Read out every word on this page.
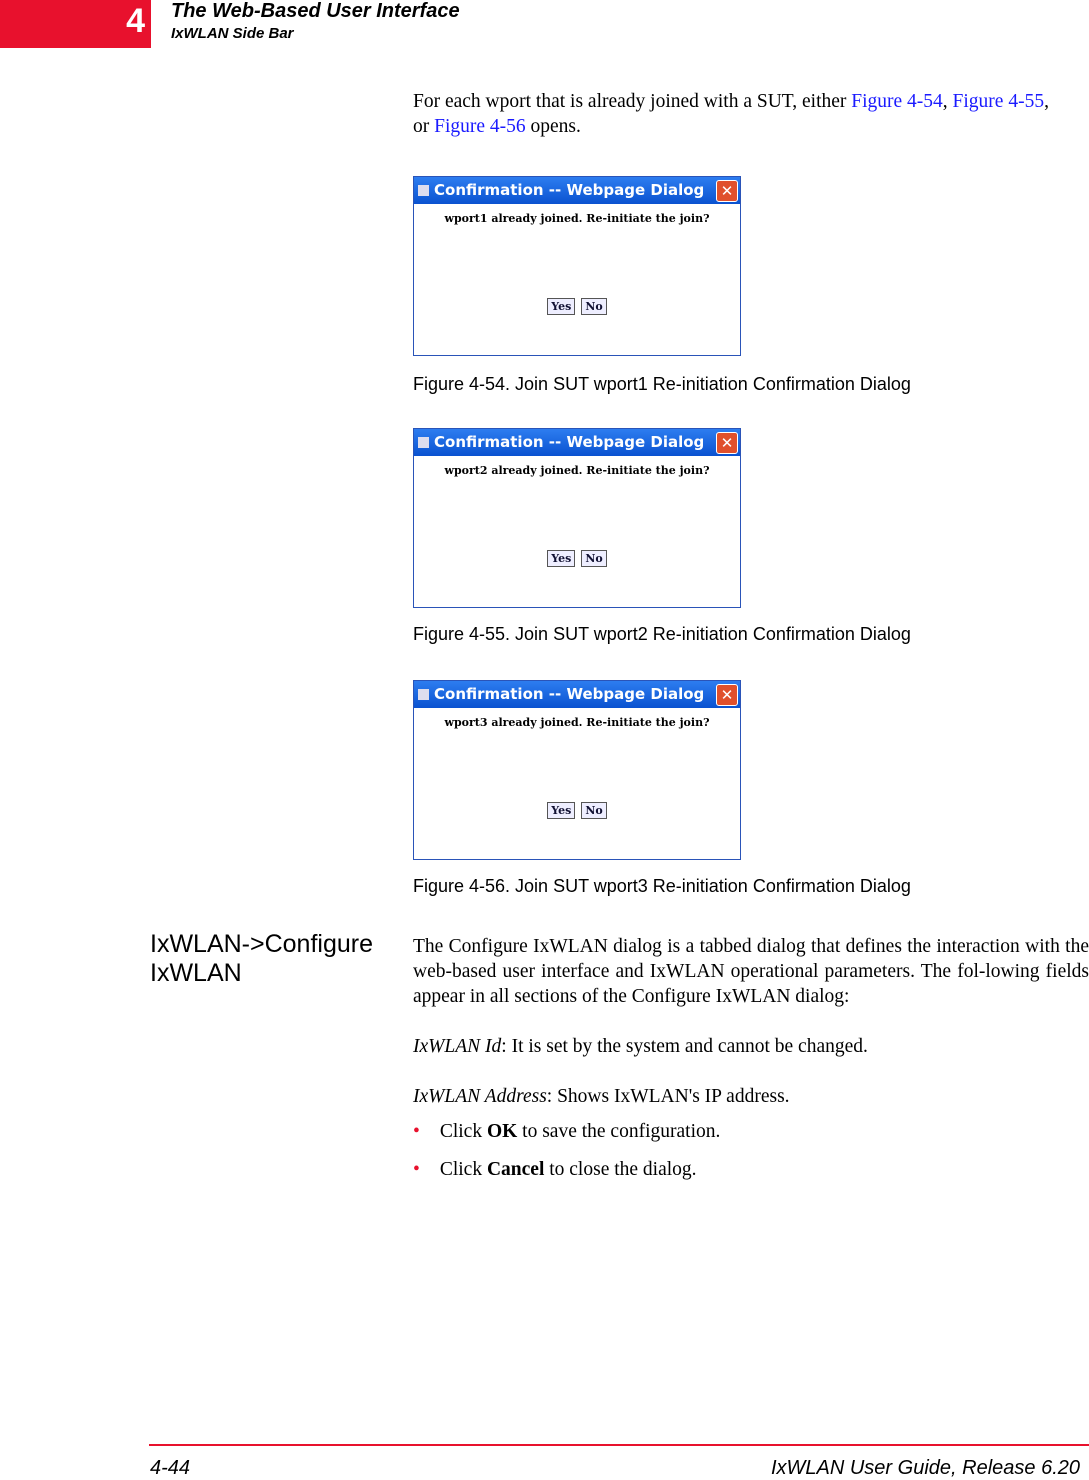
4 The Web-Based User Interface
IxWLAN Side Bar
For each wport that is already joined with a SUT, either Figure 4-54, Figure 4-55,
or Figure 4-56 opens.
Confirmation -- Webpage Dialog	✕
wport1 already joined. Re-initiate the join?
Yes No
Figure 4-54. Join SUT wport1 Re-initiation Confirmation Dialog
Confirmation -- Webpage Dialog	✕
wport2 already joined. Re-initiate the join?
Yes No
Figure 4-55. Join SUT wport2 Re-initiation Confirmation Dialog
Confirmation -- Webpage Dialog	✕
wport3 already joined. Re-initiate the join?
Yes No
Figure 4-56. Join SUT wport3 Re-initiation Confirmation Dialog
IxWLAN->Configure
IxWLAN
The Configure IxWLAN dialog is a tabbed dialog that defines the interaction with the web-based user interface and IxWLAN operational parameters. The fol-lowing fields appear in all sections of the Configure IxWLAN dialog:
IxWLAN Id: It is set by the system and cannot be changed.
IxWLAN Address: Shows IxWLAN's IP address.
• Click OK to save the configuration.
• Click Cancel to close the dialog.
4-44	IxWLAN User Guide, Release 6.20
